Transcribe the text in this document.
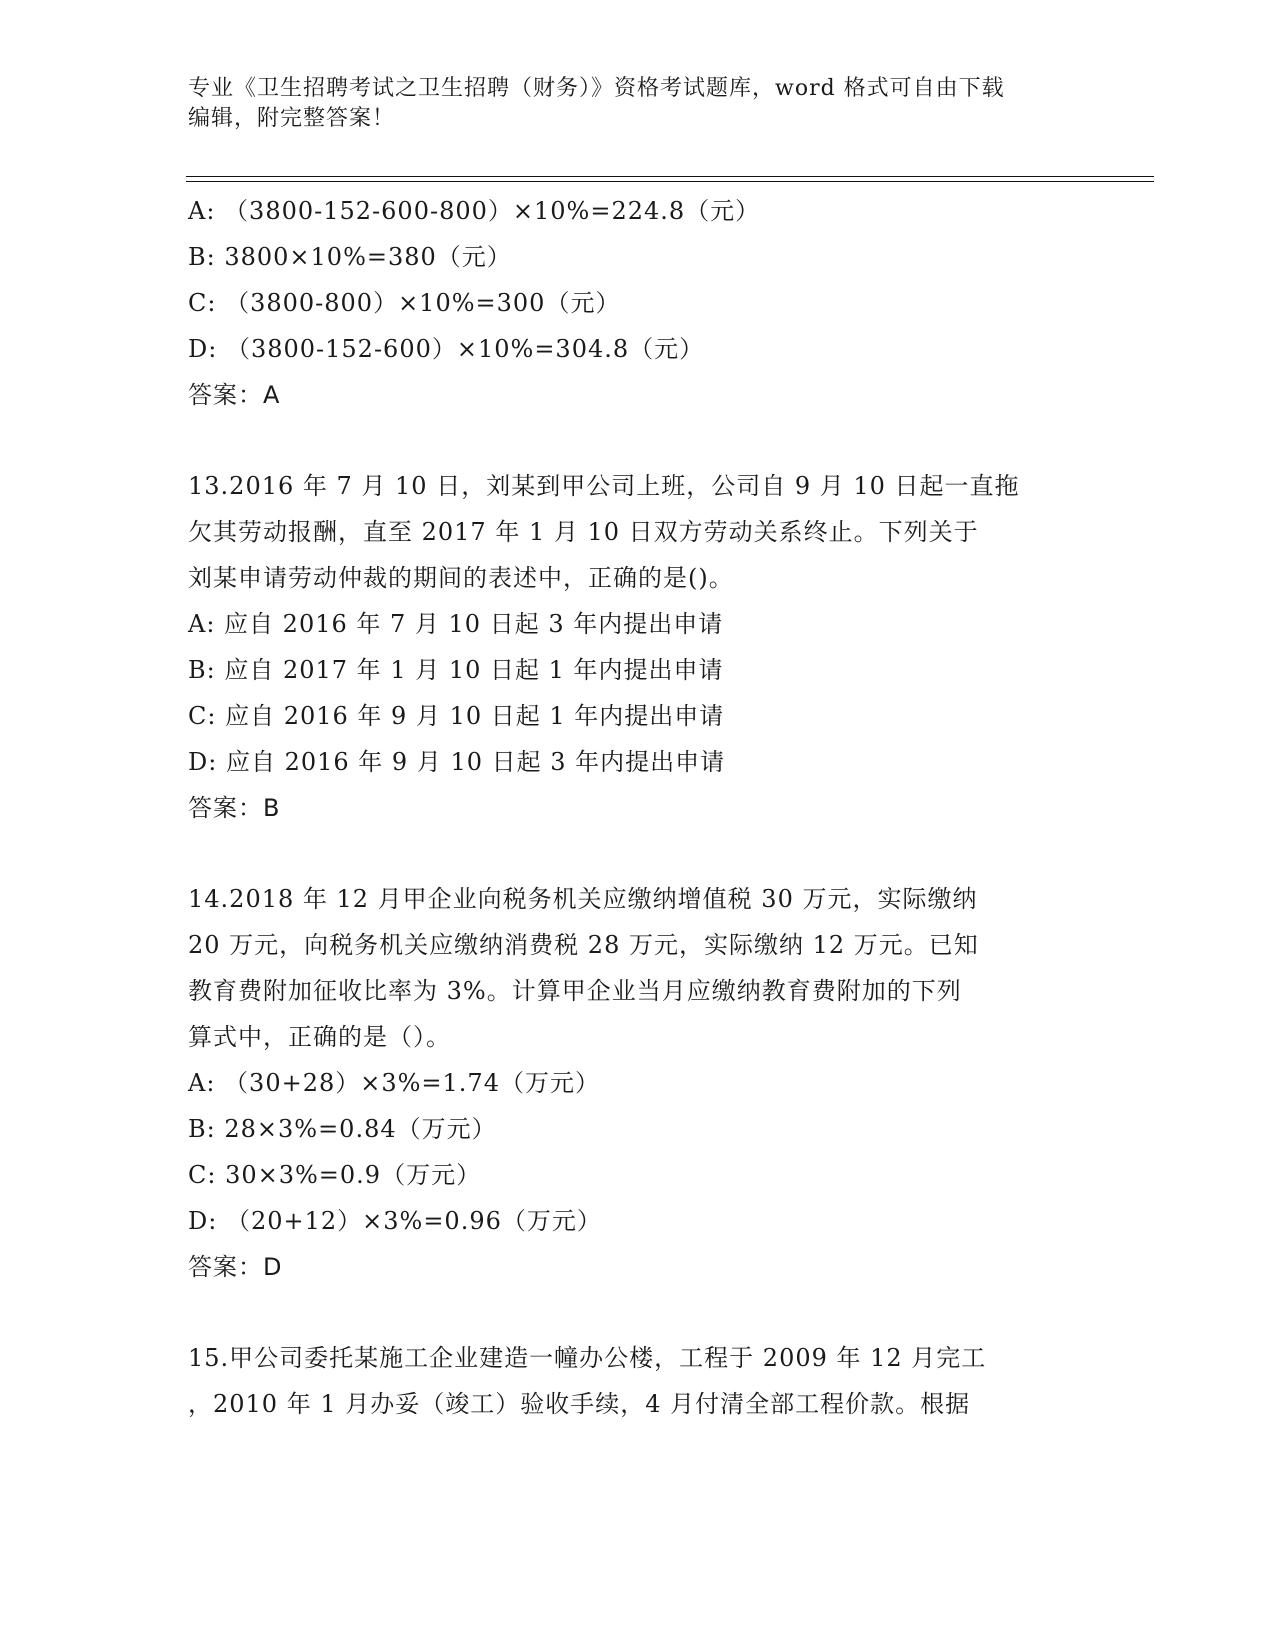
专业《卫生招聘考试之卫生招聘（财务）》资格考试题库，word 格式可自由下载
编辑，附完整答案！
A: （3800-152-600-800）×10%=224.8（元）
B: 3800×10%=380（元）
C: （3800-800）×10%=300（元）
D: （3800-152-600）×10%=304.8（元）
答案：A
13.2016 年 7 月 10 日，刘某到甲公司上班，公司自 9 月 10 日起一直拖
欠其劳动报酬，直至 2017 年 1 月 10 日双方劳动关系终止。下列关于
刘某申请劳动仲裁的期间的表述中，正确的是()。
A: 应自 2016 年 7 月 10 日起 3 年内提出申请
B: 应自 2017 年 1 月 10 日起 1 年内提出申请
C: 应自 2016 年 9 月 10 日起 1 年内提出申请
D: 应自 2016 年 9 月 10 日起 3 年内提出申请
答案：B
14.2018 年 12 月甲企业向税务机关应缴纳增值税 30 万元，实际缴纳
20 万元，向税务机关应缴纳消费税 28 万元，实际缴纳 12 万元。已知
教育费附加征收比率为 3%。计算甲企业当月应缴纳教育费附加的下列
算式中，正确的是（）。
A: （30+28）×3%=1.74（万元）
B: 28×3%=0.84（万元）
C: 30×3%=0.9（万元）
D: （20+12）×3%=0.96（万元）
答案：D
15.甲公司委托某施工企业建造一幢办公楼，工程于 2009 年 12 月完工
，2010 年 1 月办妥（竣工）验收手续，4 月付清全部工程价款。根据
